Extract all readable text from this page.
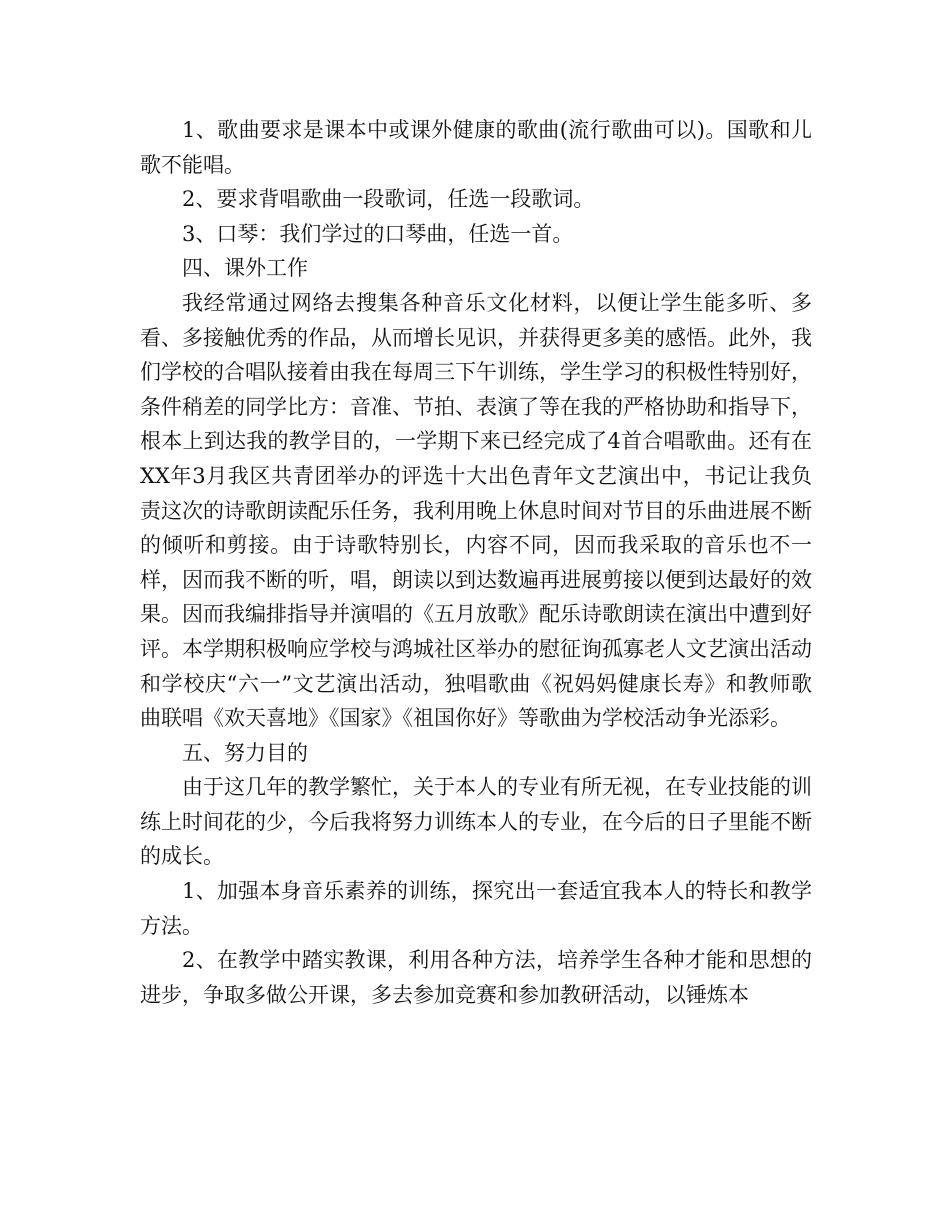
1、歌曲要求是课本中或课外健康的歌曲(流行歌曲可以)。国歌和儿歌不能唱。

2、要求背唱歌曲一段歌词，任选一段歌词。

3、口琴：我们学过的口琴曲，任选一首。

四、课外工作

我经常通过网络去搜集各种音乐文化材料，以便让学生能多听、多看、多接触优秀的作品，从而增长见识，并获得更多美的感悟。此外，我们学校的合唱队接着由我在每周三下午训练，学生学习的积极性特别好，条件稍差的同学比方：音准、节拍、表演了等在我的严格协助和指导下，根本上到达我的教学目的，一学期下来已经完成了4首合唱歌曲。还有在XX年3月我区共青团举办的评选十大出色青年文艺演出中，书记让我负责这次的诗歌朗读配乐任务，我利用晚上休息时间对节目的乐曲进展不断的倾听和剪接。由于诗歌特别长，内容不同，因而我采取的音乐也不一样，因而我不断的听，唱，朗读以到达数遍再进展剪接以便到达最好的效果。因而我编排指导并演唱的《五月放歌》配乐诗歌朗读在演出中遭到好评。本学期积极响应学校与鸿城社区举办的慰征询孤寡老人文艺演出活动和学校庆“六一”文艺演出活动，独唱歌曲《祝妈妈健康长寿》和教师歌曲联唱《欢天喜地》《国家》《祖国你好》等歌曲为学校活动争光添彩。

五、努力目的

由于这几年的教学繁忙，关于本人的专业有所无视，在专业技能的训练上时间花的少，今后我将努力训练本人的专业，在今后的日子里能不断的成长。

1、加强本身音乐素养的训练，探究出一套适宜我本人的特长和教学方法。

2、在教学中踏实教课，利用各种方法，培养学生各种才能和思想的进步，争取多做公开课，多去参加竞赛和参加教研活动，以锤炼本
